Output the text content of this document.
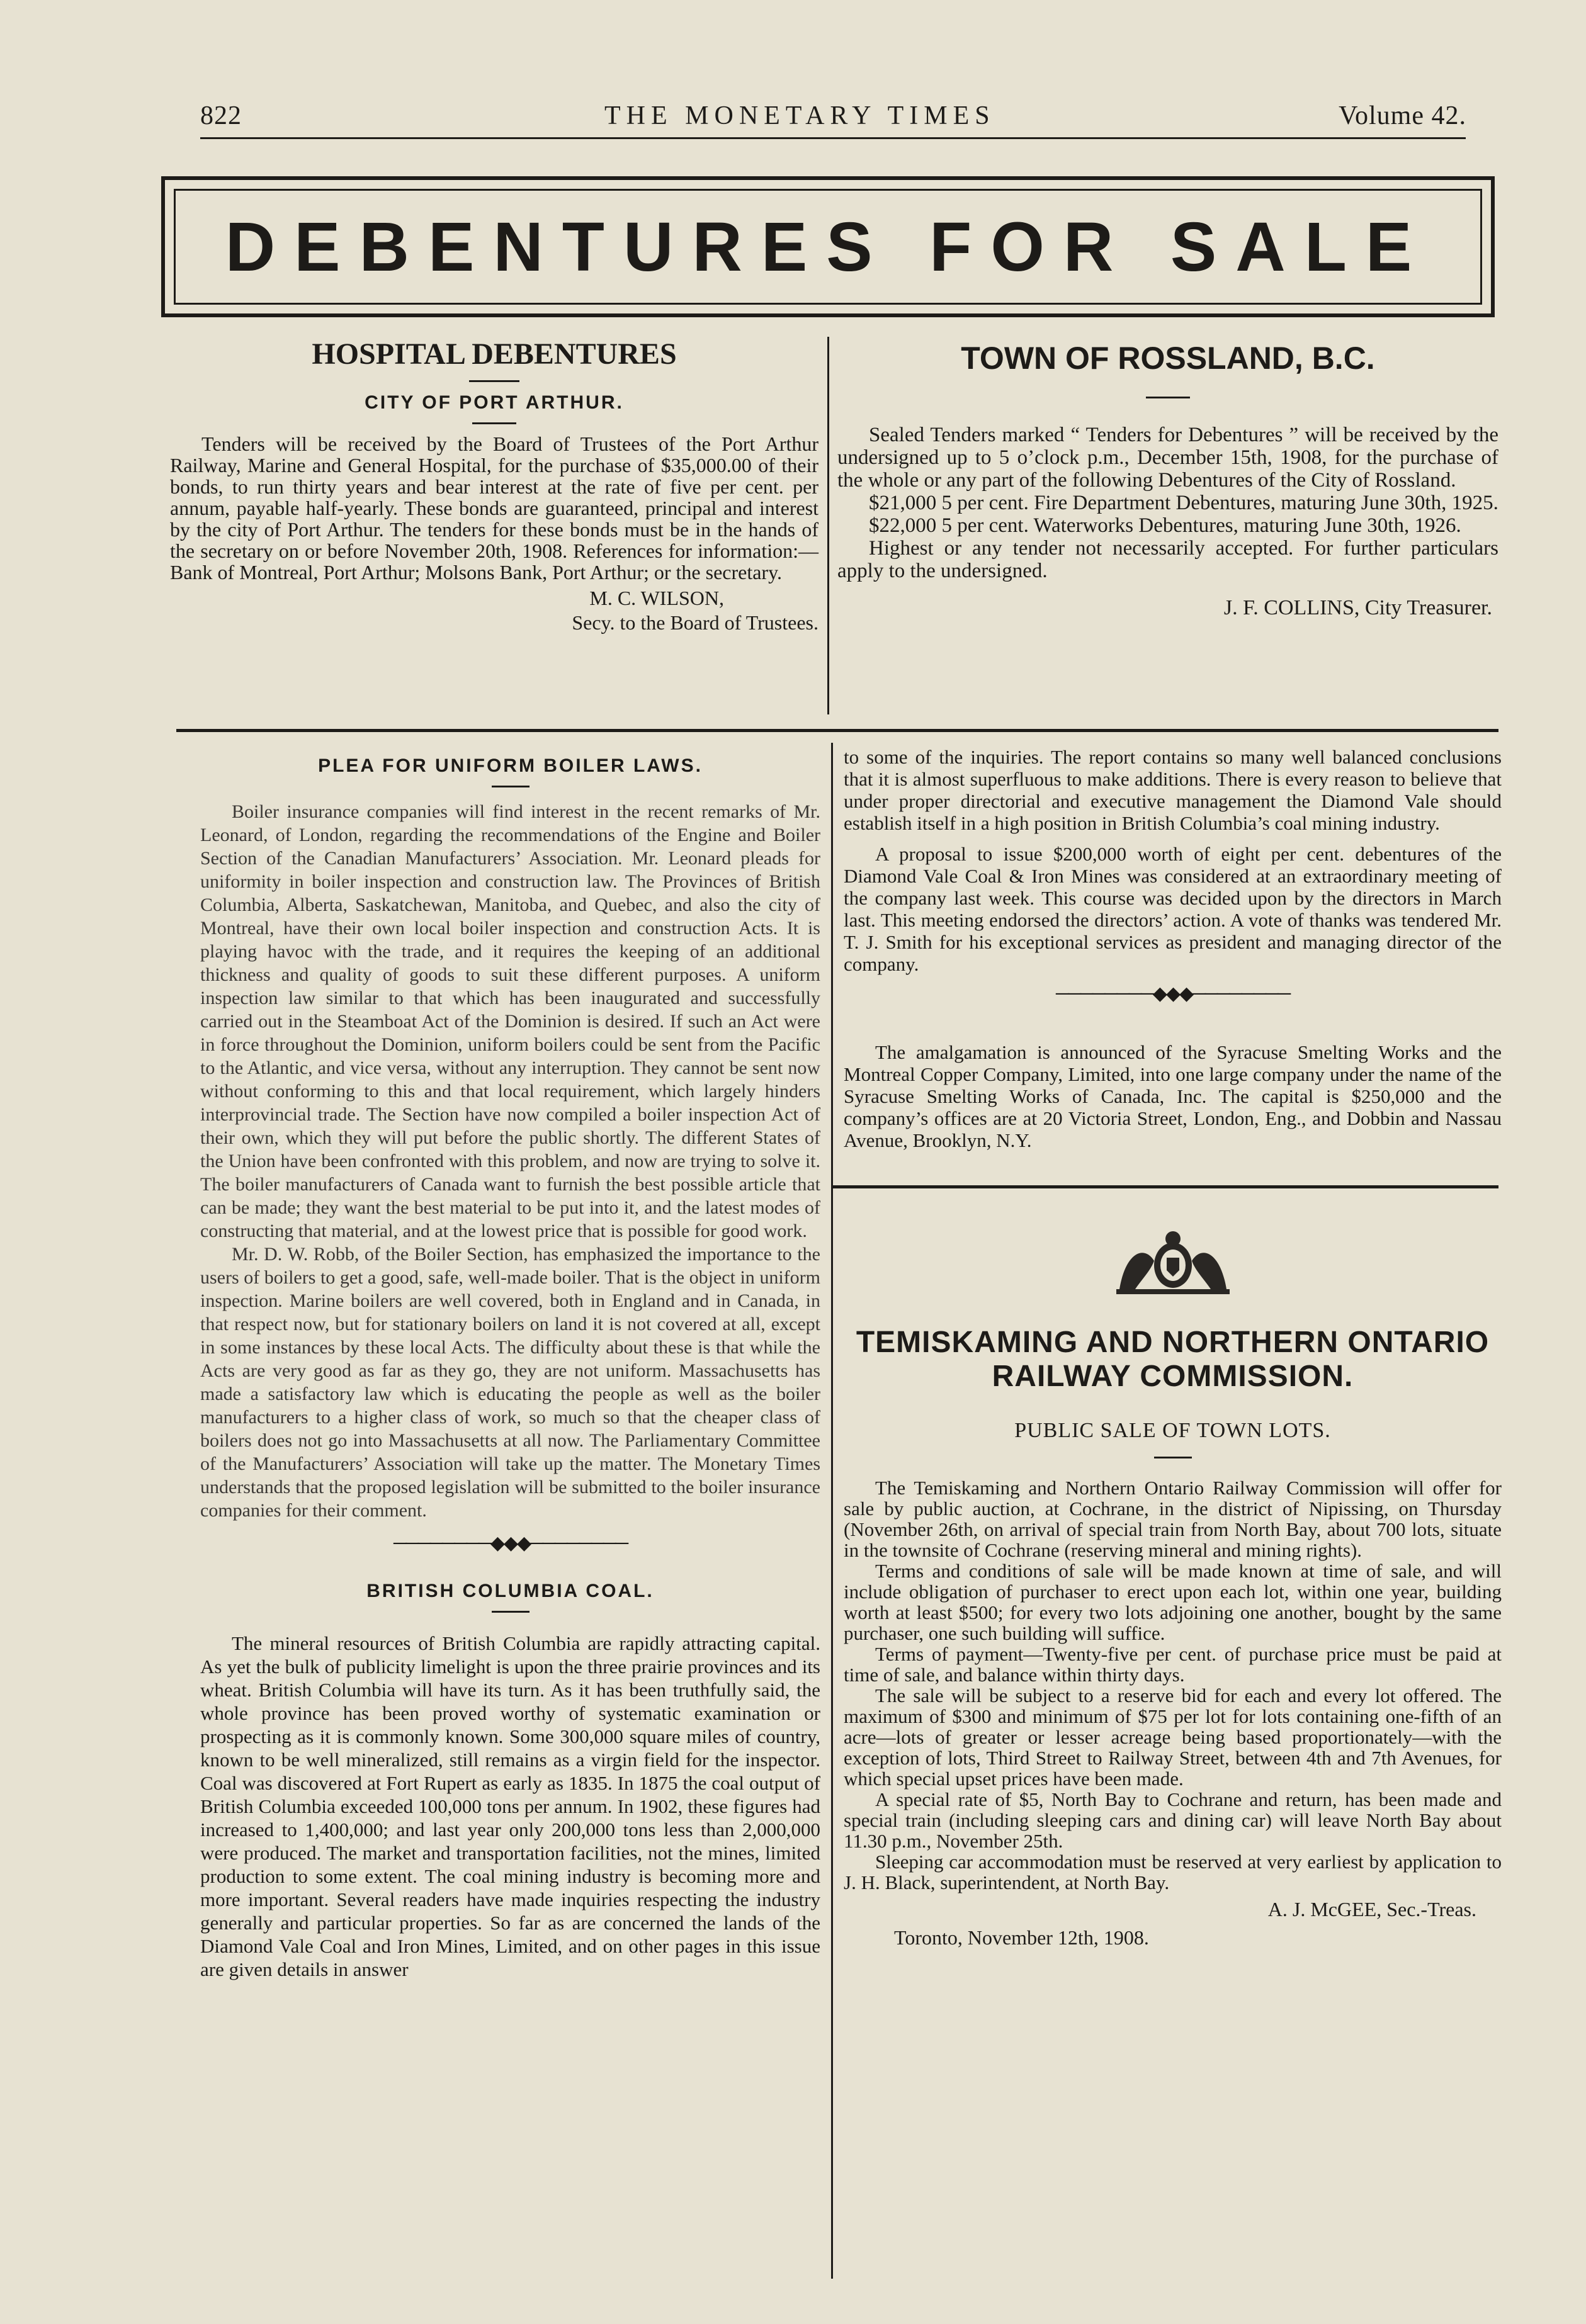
822	THE MONETARY TIMES	Volume 42.
DEBENTURES FOR SALE
HOSPITAL DEBENTURES
CITY OF PORT ARTHUR.

Tenders will be received by the Board of Trustees of the Port Arthur Railway, Marine and General Hospital, for the purchase of $35,000.00 of their bonds, to run thirty years and bear interest at the rate of five per cent. per annum, payable half-yearly. These bonds are guaranteed, principal and interest by the city of Port Arthur. The tenders for these bonds must be in the hands of the secretary on or before November 20th, 1908. References for information:— Bank of Montreal, Port Arthur; Molsons Bank, Port Arthur; or the secretary.

M. C. WILSON,
Secy. to the Board of Trustees.
TOWN OF ROSSLAND, B.C.

Sealed Tenders marked “ Tenders for Debentures ” will be received by the undersigned up to 5 o’clock p.m., December 15th, 1908, for the purchase of the whole or any part of the following Debentures of the City of Rossland.

$21,000 5 per cent. Fire Department Debentures, maturing June 30th, 1925.

$22,000 5 per cent. Waterworks Debentures, maturing June 30th, 1926.

Highest or any tender not necessarily accepted. For further particulars apply to the undersigned.

J. F. COLLINS, City Treasurer.
PLEA FOR UNIFORM BOILER LAWS.

Boiler insurance companies will find interest in the recent remarks of Mr. Leonard, of London, regarding the recommendations of the Engine and Boiler Section of the Canadian Manufacturers’ Association. Mr. Leonard pleads for uniformity in boiler inspection and construction law. The Provinces of British Columbia, Alberta, Saskatchewan, Manitoba, and Quebec, and also the city of Montreal, have their own local boiler inspection and construction Acts. It is playing havoc with the trade, and it requires the keeping of an additional thickness and quality of goods to suit these different purposes. A uniform inspection law similar to that which has been inaugurated and successfully carried out in the Steamboat Act of the Dominion is desired. If such an Act were in force throughout the Dominion, uniform boilers could be sent from the Pacific to the Atlantic, and vice versa, without any interruption. They cannot be sent now without conforming to this and that local requirement, which largely hinders interprovincial trade. The Section have now compiled a boiler inspection Act of their own, which they will put before the public shortly. The different States of the Union have been confronted with this problem, and now are trying to solve it. The boiler manufacturers of Canada want to furnish the best possible article that can be made; they want the best material to be put into it, and the latest modes of constructing that material, and at the lowest price that is possible for good work.

Mr. D. W. Robb, of the Boiler Section, has emphasized the importance to the users of boilers to get a good, safe, well-made boiler. That is the object in uniform inspection. Marine boilers are well covered, both in England and in Canada, in that respect now, but for stationary boilers on land it is not covered at all, except in some instances by these local Acts. The difficulty about these is that while the Acts are very good as far as they go, they are not uniform. Massachusetts has made a satisfactory law which is educating the people as well as the boiler manufacturers to a higher class of work, so much so that the cheaper class of boilers does not go into Massachusetts at all now. The Parliamentary Committee of the Manufacturers’ Association will take up the matter. The Monetary Times understands that the proposed legislation will be submitted to the boiler insurance companies for their comment.

────────◆◆◆────────
BRITISH COLUMBIA COAL.

The mineral resources of British Columbia are rapidly attracting capital. As yet the bulk of publicity limelight is upon the three prairie provinces and its wheat. British Columbia will have its turn. As it has been truthfully said, the whole province has been proved worthy of systematic examination or prospecting as it is commonly known. Some 300,000 square miles of country, known to be well mineralized, still remains as a virgin field for the inspector. Coal was discovered at Fort Rupert as early as 1835. In 1875 the coal output of British Columbia exceeded 100,000 tons per annum. In 1902, these figures had increased to 1,400,000; and last year only 200,000 tons less than 2,000,000 were produced. The market and transportation facilities, not the mines, limited production to some extent. The coal mining industry is becoming more and more important. Several readers have made inquiries respecting the industry generally and particular properties. So far as are concerned the lands of the Diamond Vale Coal and Iron Mines, Limited, and on other pages in this issue are given details in answer

to some of the inquiries. The report contains so many well balanced conclusions that it is almost superfluous to make additions. There is every reason to believe that under proper directorial and executive management the Diamond Vale should establish itself in a high position in British Columbia’s coal mining industry.

A proposal to issue $200,000 worth of eight per cent. debentures of the Diamond Vale Coal & Iron Mines was considered at an extraordinary meeting of the company last week. This course was decided upon by the directors in March last. This meeting endorsed the directors’ action. A vote of thanks was tendered Mr. T. J. Smith for his exceptional services as president and managing director of the company.

────────◆◆◆────────

The amalgamation is announced of the Syracuse Smelting Works and the Montreal Copper Company, Limited, into one large company under the name of the Syracuse Smelting Works of Canada, Inc. The capital is $250,000 and the company’s offices are at 20 Victoria Street, London, Eng., and Dobbin and Nassau Avenue, Brooklyn, N.Y.

TEMISKAMING AND NORTHERN ONTARIO
RAILWAY COMMISSION.
PUBLIC SALE OF TOWN LOTS.

The Temiskaming and Northern Ontario Railway Commission will offer for sale by public auction, at Cochrane, in the district of Nipissing, on Thursday (November 26th, on arrival of special train from North Bay, about 700 lots, situate in the townsite of Cochrane (reserving mineral and mining rights).

Terms and conditions of sale will be made known at time of sale, and will include obligation of purchaser to erect upon each lot, within one year, building worth at least $500; for every two lots adjoining one another, bought by the same purchaser, one such building will suffice.

Terms of payment—Twenty-five per cent. of purchase price must be paid at time of sale, and balance within thirty days.

The sale will be subject to a reserve bid for each and every lot offered. The maximum of $300 and minimum of $75 per lot for lots containing one-fifth of an acre—lots of greater or lesser acreage being based proportionately—with the exception of lots, Third Street to Railway Street, between 4th and 7th Avenues, for which special upset prices have been made.

A special rate of $5, North Bay to Cochrane and return, has been made and special train (including sleeping cars and dining car) will leave North Bay about 11.30 p.m., November 25th.

Sleeping car accommodation must be reserved at very earliest by application to J. H. Black, superintendent, at North Bay.

A. J. McGEE, Sec.-Treas.
Toronto, November 12th, 1908.
